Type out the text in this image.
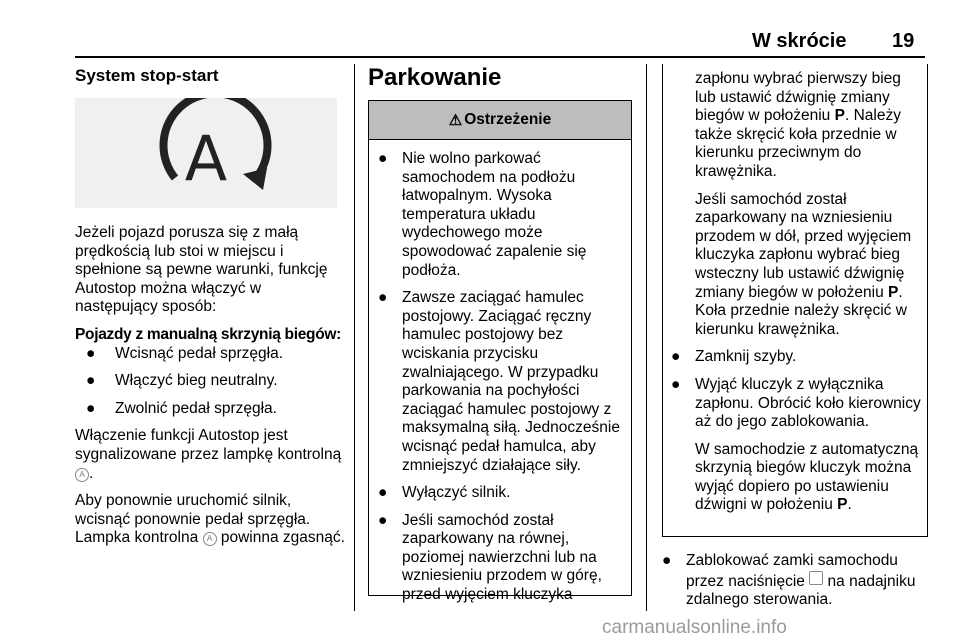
W skrócie 19
System stop-start
A

Jeżeli pojazd porusza się z małą prędkością lub stoi w miejscu i spełnione są pewne warunki, funkcję Autostop można włączyć w następujący sposób:

Pojazdy z manualną skrzynią biegów:
● Wcisnąć pedał sprzęgła.
● Włączyć bieg neutralny.
● Zwolnić pedał sprzęgła.

Włączenie funkcji Autostop jest sygnalizowane przez lampkę kontrolną A .

Aby ponownie uruchomić silnik, wcisnąć ponownie pedał sprzęgła. Lampka kontrolna A powinna zgasnąć.

Parkowanie
⚠ Ostrzeżenie
● Nie wolno parkować samochodem na podłożu łatwopalnym. Wysoka temperatura układu wydechowego może spowodować zapalenie się podłoża.
● Zawsze zaciągać hamulec postojowy. Zaciągać ręczny hamulec postojowy bez wciskania przycisku zwalniającego. W przypadku parkowania na pochyłości zaciągać hamulec postojowy z maksymalną siłą. Jednocześnie wcisnąć pedał hamulca, aby zmniejszyć działające siły.
● Wyłączyć silnik.
● Jeśli samochód został zaparkowany na równej, poziomej nawierzchni lub na wzniesieniu przodem w górę, przed wyjęciem kluczyka

zapłonu wybrać pierwszy bieg lub ustawić dźwignię zmiany biegów w położeniu P. Należy także skręcić koła przednie w kierunku przeciwnym do krawężnika.

Jeśli samochód został zaparkowany na wzniesieniu przodem w dół, przed wyjęciem kluczyka zapłonu wybrać bieg wsteczny lub ustawić dźwignię zmiany biegów w położeniu P. Koła przednie należy skręcić w kierunku krawężnika.

● Zamknij szyby.
● Wyjąć kluczyk z wyłącznika zapłonu. Obrócić koło kierownicy aż do jego zablokowania.

W samochodzie z automatyczną skrzynią biegów kluczyk można wyjąć dopiero po ustawieniu dźwigni w położeniu P.

● Zablokować zamki samochodu przez naciśnięcie na nadajniku zdalnego sterowania.
carmanualsonline.info
